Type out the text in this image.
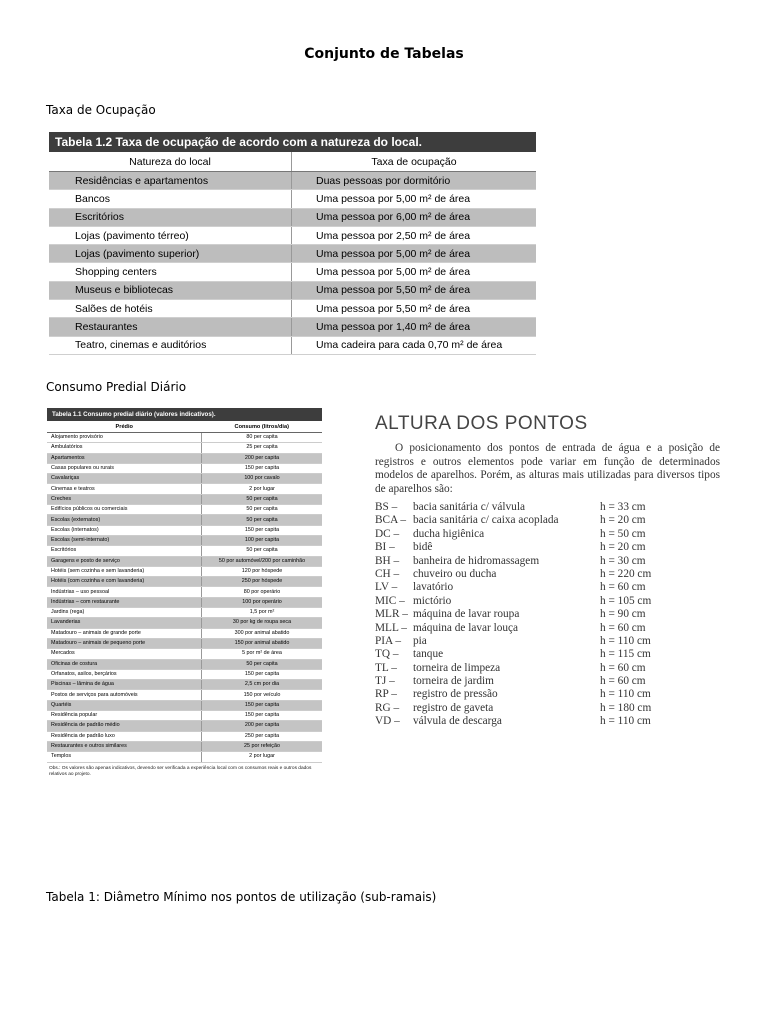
Conjunto de Tabelas
Taxa de Ocupação
Tabela 1.2 Taxa de ocupação de acordo com a natureza do local.
Natureza do local	Taxa de ocupação
Residências e apartamentos	Duas pessoas por dormitório
Bancos	Uma pessoa por 5,00 m² de área
Escritórios	Uma pessoa por 6,00 m² de área
Lojas (pavimento térreo)	Uma pessoa por 2,50 m² de área
Lojas (pavimento superior)	Uma pessoa por 5,00 m² de área
Shopping centers	Uma pessoa por 5,00 m² de área
Museus e bibliotecas	Uma pessoa por 5,50 m² de área
Salões de hotéis	Uma pessoa por 5,50 m² de área
Restaurantes	Uma pessoa por 1,40 m² de área
Teatro, cinemas e auditórios	Uma cadeira para cada 0,70 m² de área
Consumo Predial Diário
Tabela 1.1 Consumo predial diário (valores indicativos).
Prédio	Consumo (litros/dia)
Alojamento provisório	80 per capita
Ambulatórios	25 per capita
Apartamentos	200 per capita
Casas populares ou rurais	150 per capita
Cavalariças	100 por cavalo
Cinemas e teatros	2 por lugar
Creches	50 per capita
Edifícios públicos ou comerciais	50 per capita
Escolas (externatos)	50 per capita
Escolas (internatos)	150 per capita
Escolas (semi-internato)	100 per capita
Escritórios	50 per capita
Garagens e posto de serviço	50 por automóvel/200 por caminhão
Hotéis (sem cozinha e sem lavanderia)	120 por hóspede
Hotéis (com cozinha e com lavanderia)	250 por hóspede
Indústrias – uso pessoal	80 por operário
Indústrias – com restaurante	100 por operário
Jardins (rega)	1,5 por m²
Lavanderias	30 por kg de roupa seca
Matadouro – animais de grande porte	300 por animal abatido
Matadouro – animais de pequeno porte	150 por animal abatido
Mercados	5 por m² de área
Oficinas de costura	50 per capita
Orfanatos, asilos, berçários	150 per capita
Piscinas – lâmina de água	2,5 cm por dia
Postos de serviços para automóveis	150 por veículo
Quartéis	150 per capita
Residência popular	150 per capita
Residência de padrão médio	200 per capita
Residência de padrão luxo	250 per capita
Restaurantes e outros similares	25 por refeição
Templos	2 por lugar
Obs.: Os valores são apenas indicativos, devendo ser verificada a experiência local com os consumos reais e outros dados relativos ao projeto.
ALTURA DOS PONTOS

O posicionamento dos pontos de entrada de água e a posição de registros e outros elementos pode variar em função de determinados modelos de aparelhos. Porém, as alturas mais utilizadas para diversos tipos de aparelhos são:

BS – bacia sanitária c/ válvula	h = 33 cm
BCA – bacia sanitária c/ caixa acoplada	h = 20 cm
DC – ducha higiênica	h = 50 cm
BI – bidê	h = 20 cm
BH – banheira de hidromassagem	h = 30 cm
CH – chuveiro ou ducha	h = 220 cm
LV – lavatório	h = 60 cm
MIC – mictório	h = 105 cm
MLR – máquina de lavar roupa	h = 90 cm
MLL – máquina de lavar louça	h = 60 cm
PIA – pia	h = 110 cm
TQ – tanque	h = 115 cm
TL – torneira de limpeza	h = 60 cm
TJ – torneira de jardim	h = 60 cm
RP – registro de pressão	h = 110 cm
RG – registro de gaveta	h = 180 cm
VD – válvula de descarga	h = 110 cm
Tabela 1: Diâmetro Mínimo nos pontos de utilização (sub-ramais)
